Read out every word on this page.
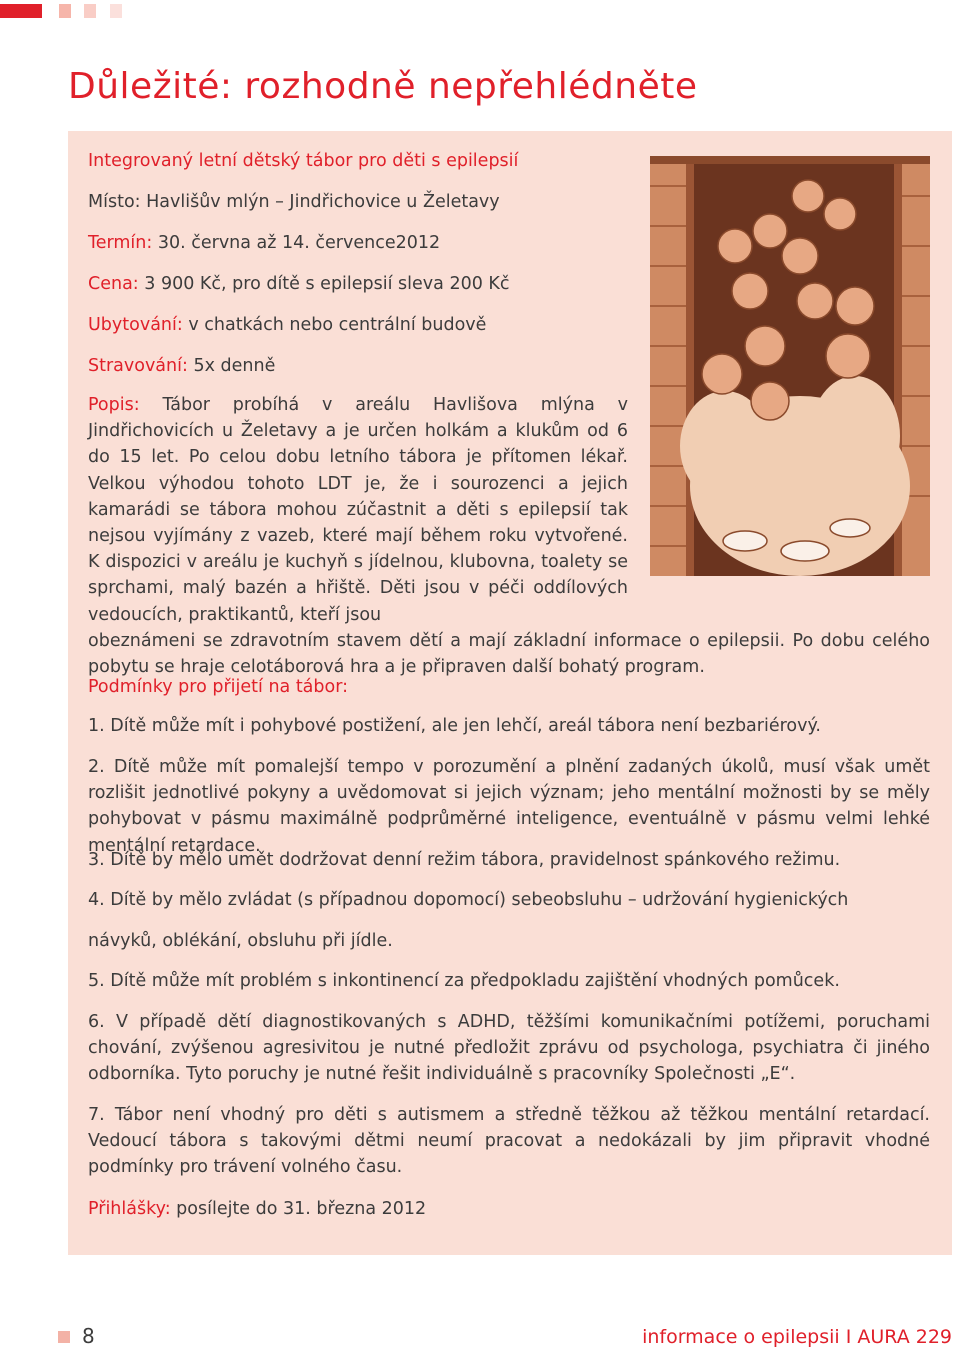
Důležité: rozhodně nepřehlédněte

Integrovaný letní dětský tábor pro děti s epilepsií

Místo: Havlišův mlýn – Jindřichovice u Želetavy

Termín: 30. června až 14. července2012

Cena: 3 900 Kč, pro dítě s epilepsií sleva 200 Kč

Ubytování: v chatkách nebo centrální budově

Stravování: 5x denně

Popis: Tábor probíhá v areálu Havlišova mlýna v Jindřichovicích u Želetavy a je určen holkám a klukům od 6 do 15 let. Po celou dobu letního tábora je přítomen lékař. Velkou výhodou tohoto LDT je, že i sourozenci a jejich kamarádi se tábora mohou zúčastnit a děti s epilepsií tak nejsou vyjímány z vazeb, které mají během roku vytvořené. K dispozici v areálu je kuchyň s jídelnou, klubovna, toalety se sprchami, malý bazén a hřiště. Děti jsou v péči oddílových vedoucích, praktikantů, kteří jsou
obeznámeni se zdravotním stavem dětí a mají základní informace o epilepsii. Po dobu celého pobytu se hraje celotáborová hra a je připraven další bohatý program.

Podmínky pro přijetí na tábor:

1. Dítě může mít i pohybové postižení, ale jen lehčí, areál tábora není bezbariérový.

2. Dítě může mít pomalejší tempo v porozumění a plnění zadaných úkolů, musí však umět rozlišit jednotlivé pokyny a uvědomovat si jejich význam; jeho mentální možnosti by se měly pohybovat v pásmu maximálně podprůměrné inteligence, eventuálně v pásmu velmi lehké mentální retardace.

3. Dítě by mělo umět dodržovat denní režim tábora, pravidelnost spánkového režimu.

4. Dítě by mělo zvládat (s případnou dopomocí) sebeobsluhu – udržování hygienických

návyků, oblékání, obsluhu při jídle.

5. Dítě může mít problém s inkontinencí za předpokladu zajištění vhodných pomůcek.

6. V případě dětí diagnostikovaných s ADHD, těžšími komunikačními potížemi, poruchami chování, zvýšenou agresivitou je nutné předložit zprávu od psychologa, psychiatra či jiného odborníka. Tyto poruchy je nutné řešit individuálně s pracovníky Společnosti „E“.

7. Tábor není vhodný pro děti s autismem a středně těžkou až těžkou mentální retardací. Vedoucí tábora s takovými dětmi neumí pracovat a nedokázali by jim připravit vhodné podmínky pro trávení volného času.

Přihlášky: posílejte do 31. března 2012

8	informace o epilepsii I AURA 229
